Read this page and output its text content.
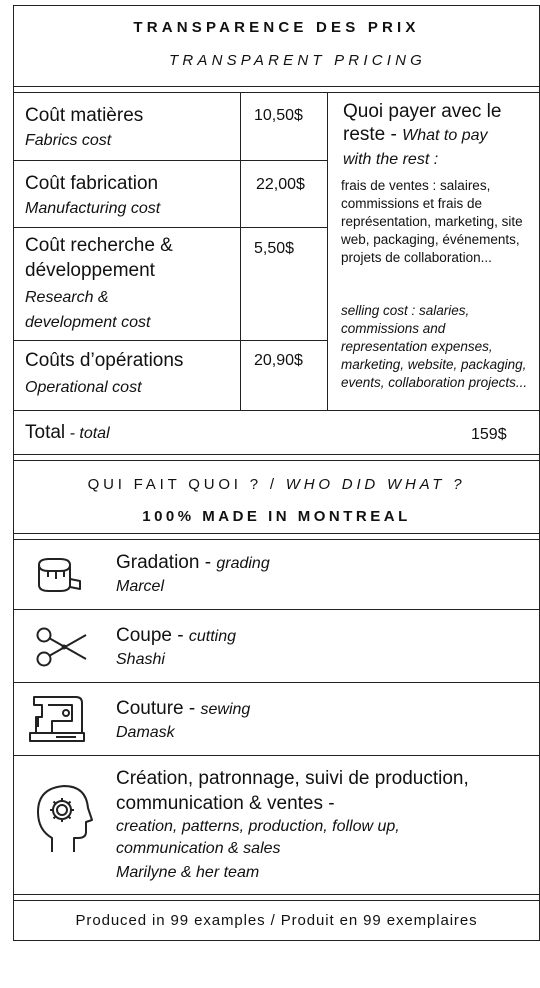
TRANSPARENCE DES PRIX
TRANSPARENT PRICING
Coût matières
Fabrics cost
10,50$
Coût fabrication
Manufacturing cost
22,00$
Coût recherche &
développement
Research &
development cost
5,50$
Coûts d’opérations
Operational cost
20,90$
Quoi payer avec le
reste - What to pay
with the rest :
frais de ventes : salaires, commissions et frais de représentation, marketing, site web, packaging, événements, projets de collaboration...
selling cost : salaries, commissions and representation expenses, marketing, website, packaging, events, collaboration projects...
Total - total	159$
QUI FAIT QUOI ? / WHO DID WHAT ?
100% MADE IN MONTREAL
Gradation - grading
Marcel
Coupe - cutting
Shashi
Couture - sewing
Damask
Création, patronnage, suivi de production, communication & ventes -
creation, patterns, production, follow up, communication & sales
Marilyne & her team
Produced in 99 examples / Produit en 99 exemplaires
